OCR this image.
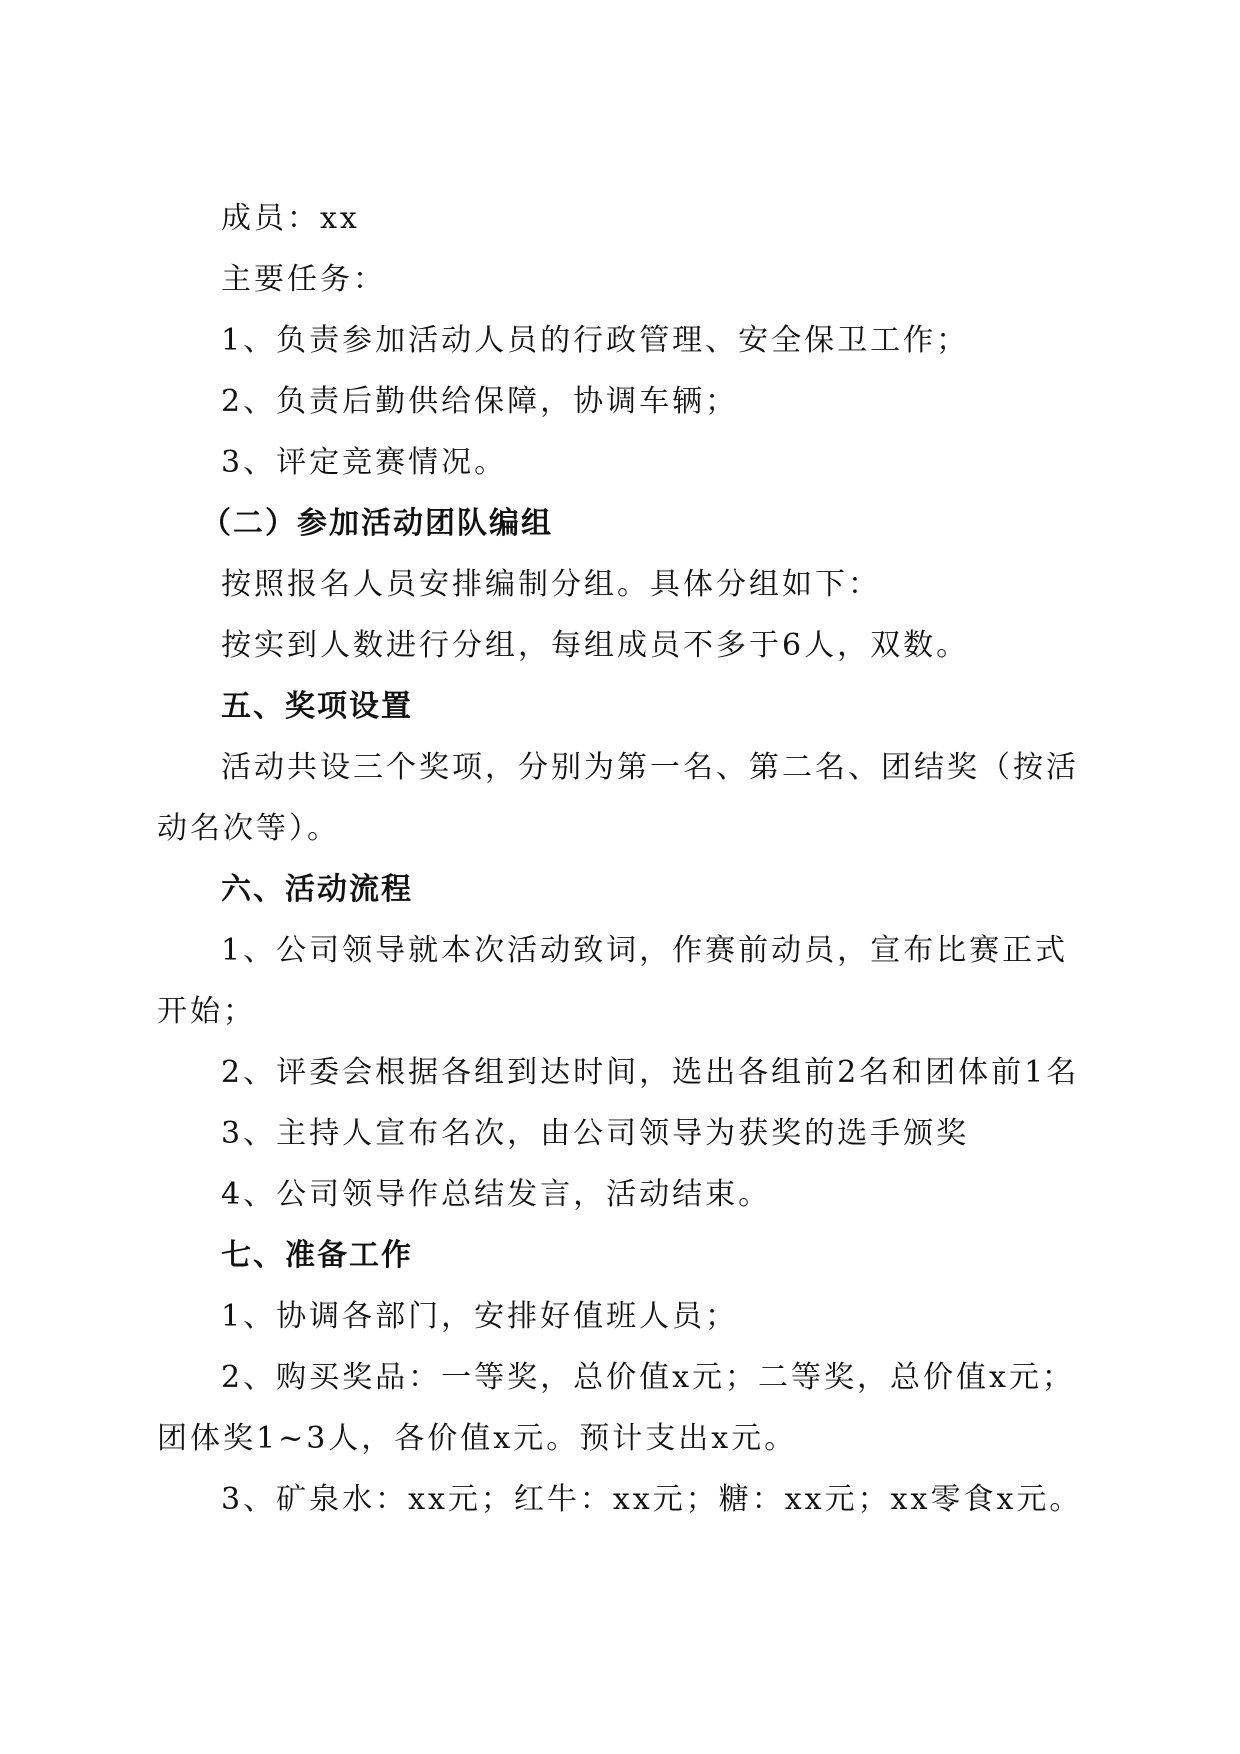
成员：xx
主要任务：
1、负责参加活动人员的行政管理、安全保卫工作；
2、负责后勤供给保障，协调车辆；
3、评定竞赛情况。
（二）参加活动团队编组
按照报名人员安排编制分组。具体分组如下：
按实到人数进行分组，每组成员不多于6人，双数。
五、奖项设置
活动共设三个奖项，分别为第一名、第二名、团结奖（按活动名次等）。
六、活动流程
1、公司领导就本次活动致词，作赛前动员，宣布比赛正式开始；
2、评委会根据各组到达时间，选出各组前2名和团体前1名
3、主持人宣布名次，由公司领导为获奖的选手颁奖
4、公司领导作总结发言，活动结束。
七、准备工作
1、协调各部门，安排好值班人员；
2、购买奖品：一等奖，总价值x元；二等奖，总价值x元；团体奖1~3人，各价值x元。预计支出x元。
3、矿泉水：xx元；红牛：xx元；糖：xx元；xx零食x元。
